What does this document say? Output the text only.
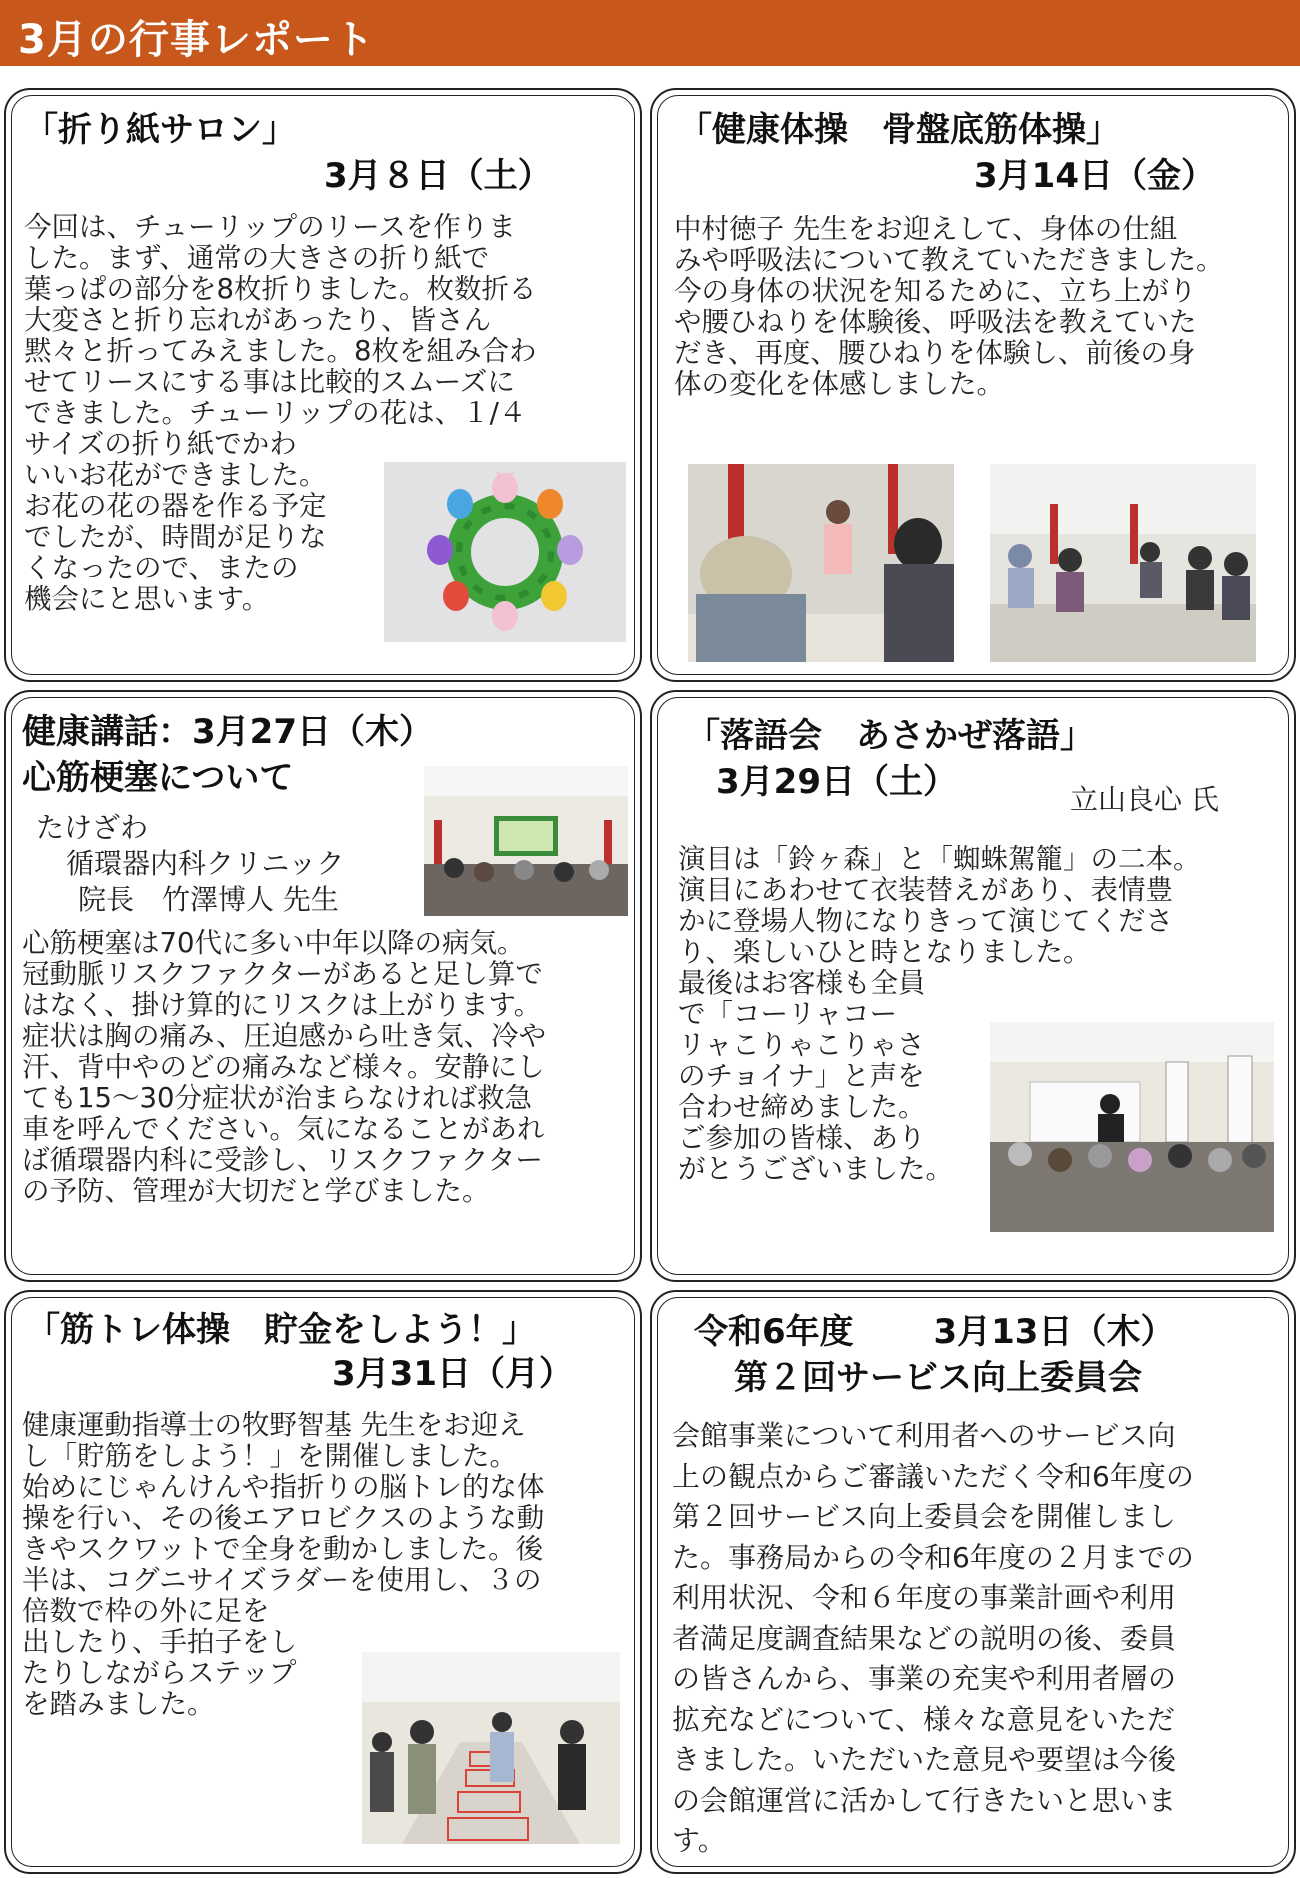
3月の行事レポート
「折り紙サロン」
3月８日（土）
今回は、チューリップのリースを作りま
した。まず、通常の大きさの折り紙で
葉っぱの部分を8枚折りました。枚数折る
大変さと折り忘れがあったり、皆さん
黙々と折ってみえました。8枚を組み合わ
せてリースにする事は比較的スムーズに
できました。チューリップの花は、１/４
サイズの折り紙でかわ
いいお花ができました。
お花の花の器を作る予定
でしたが、時間が足りな
くなったので、またの
機会にと思います。
「健康体操　骨盤底筋体操」
3月14日（金）
中村徳子 先生をお迎えして、身体の仕組
みや呼吸法について教えていただきました。
今の身体の状況を知るために、立ち上がり
や腰ひねりを体験後、呼吸法を教えていた
だき、再度、腰ひねりを体験し、前後の身
体の変化を体感しました。
健康講話：3月27日（木）
心筋梗塞について
たけざわ
循環器内科クリニック
院長　竹澤博人 先生
心筋梗塞は70代に多い中年以降の病気。
冠動脈リスクファクターがあると足し算で
はなく、掛け算的にリスクは上がります。
症状は胸の痛み、圧迫感から吐き気、冷や
汗、背中やのどの痛みなど様々。安静にし
ても15～30分症状が治まらなければ救急
車を呼んでください。気になることがあれ
ば循環器内科に受診し、リスクファクター
の予防、管理が大切だと学びました。
「落語会　あさかぜ落語」
3月29日（土）	立山良心 氏
演目は「鈴ヶ森」と「蜘蛛駕籠」の二本。
演目にあわせて衣装替えがあり、表情豊
かに登場人物になりきって演じてくださ
り、楽しいひと時となりました。
最後はお客様も全員
で「コーリャコー
リャこりゃこりゃさ
のチョイナ」と声を
合わせ締めました。
ご参加の皆様、あり
がとうございました。
「筋トレ体操　貯金をしよう！」
3月31日（月）
健康運動指導士の牧野智基 先生をお迎え
し「貯筋をしよう！」を開催しました。
始めにじゃんけんや指折りの脳トレ的な体
操を行い、その後エアロビクスのような動
きやスクワットで全身を動かしました。後
半は、コグニサイズラダーを使用し、３の
倍数で枠の外に足を
出したり、手拍子をし
たりしながらステップ
を踏みました。
令和6年度　　 3月13日（木）
第２回サービス向上委員会
会館事業について利用者へのサービス向
上の観点からご審議いただく令和6年度の
第２回サービス向上委員会を開催しまし
た。事務局からの令和6年度の２月までの
利用状況、令和６年度の事業計画や利用
者満足度調査結果などの説明の後、委員
の皆さんから、事業の充実や利用者層の
拡充などについて、様々な意見をいただ
きました。いただいた意見や要望は今後
の会館運営に活かして行きたいと思いま
す。
